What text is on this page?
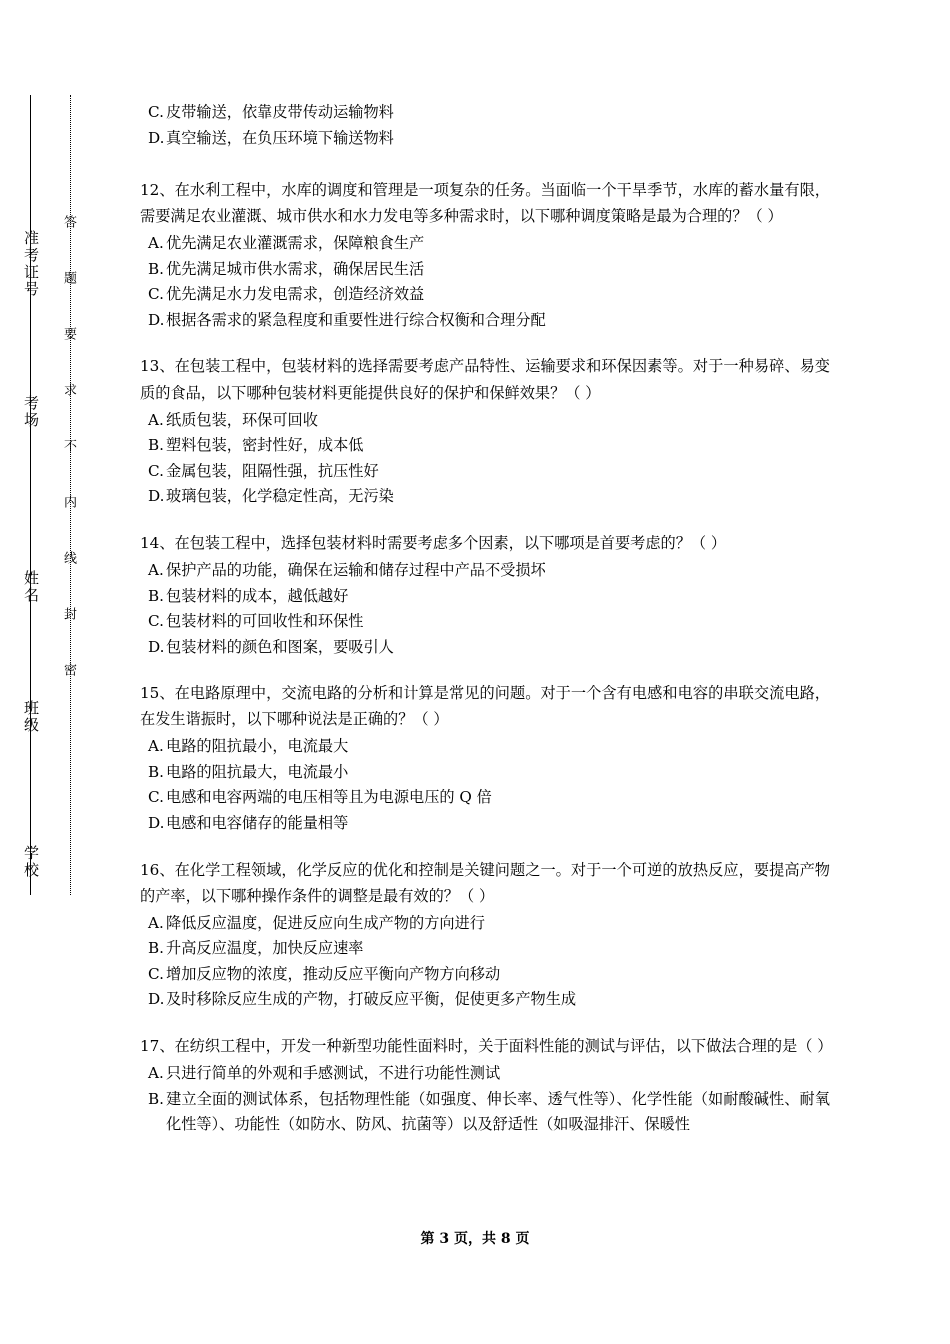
准考证号
考场
姓名
班级
学校
答 题 要 求 不 内 线 封 密
C. 皮带输送，依靠皮带传动运输物料
D. 真空输送，在负压环境下输送物料
12、在水利工程中，水库的调度和管理是一项复杂的任务。当面临一个干旱季节，水库的蓄水量有限，需要满足农业灌溉、城市供水和水力发电等多种需求时，以下哪种调度策略是最为合理的？（ ）
A. 优先满足农业灌溉需求，保障粮食生产
B. 优先满足城市供水需求，确保居民生活
C. 优先满足水力发电需求，创造经济效益
D. 根据各需求的紧急程度和重要性进行综合权衡和合理分配
13、在包装工程中，包装材料的选择需要考虑产品特性、运输要求和环保因素等。对于一种易碎、易变质的食品，以下哪种包装材料更能提供良好的保护和保鲜效果？（ ）
A. 纸质包装，环保可回收
B. 塑料包装，密封性好，成本低
C. 金属包装，阻隔性强，抗压性好
D. 玻璃包装，化学稳定性高，无污染
14、在包装工程中，选择包装材料时需要考虑多个因素，以下哪项是首要考虑的？（ ）
A. 保护产品的功能，确保在运输和储存过程中产品不受损坏
B. 包装材料的成本，越低越好
C. 包装材料的可回收性和环保性
D. 包装材料的颜色和图案，要吸引人
15、在电路原理中，交流电路的分析和计算是常见的问题。对于一个含有电感和电容的串联交流电路，在发生谐振时，以下哪种说法是正确的？（ ）
A. 电路的阻抗最小，电流最大
B. 电路的阻抗最大，电流最小
C. 电感和电容两端的电压相等且为电源电压的 Q 倍
D. 电感和电容储存的能量相等
16、在化学工程领域，化学反应的优化和控制是关键问题之一。对于一个可逆的放热反应，要提高产物的产率，以下哪种操作条件的调整是最有效的？（ ）
A. 降低反应温度，促进反应向生成产物的方向进行
B. 升高反应温度，加快反应速率
C. 增加反应物的浓度，推动反应平衡向产物方向移动
D. 及时移除反应生成的产物，打破反应平衡，促使更多产物生成
17、在纺织工程中，开发一种新型功能性面料时，关于面料性能的测试与评估，以下做法合理的是（ ）
A. 只进行简单的外观和手感测试，不进行功能性测试
B. 建立全面的测试体系，包括物理性能（如强度、伸长率、透气性等）、化学性能（如耐酸碱性、耐氧化性等）、功能性（如防水、防风、抗菌等）以及舒适性（如吸湿排汗、保暖性
第 3 页，共 8 页
